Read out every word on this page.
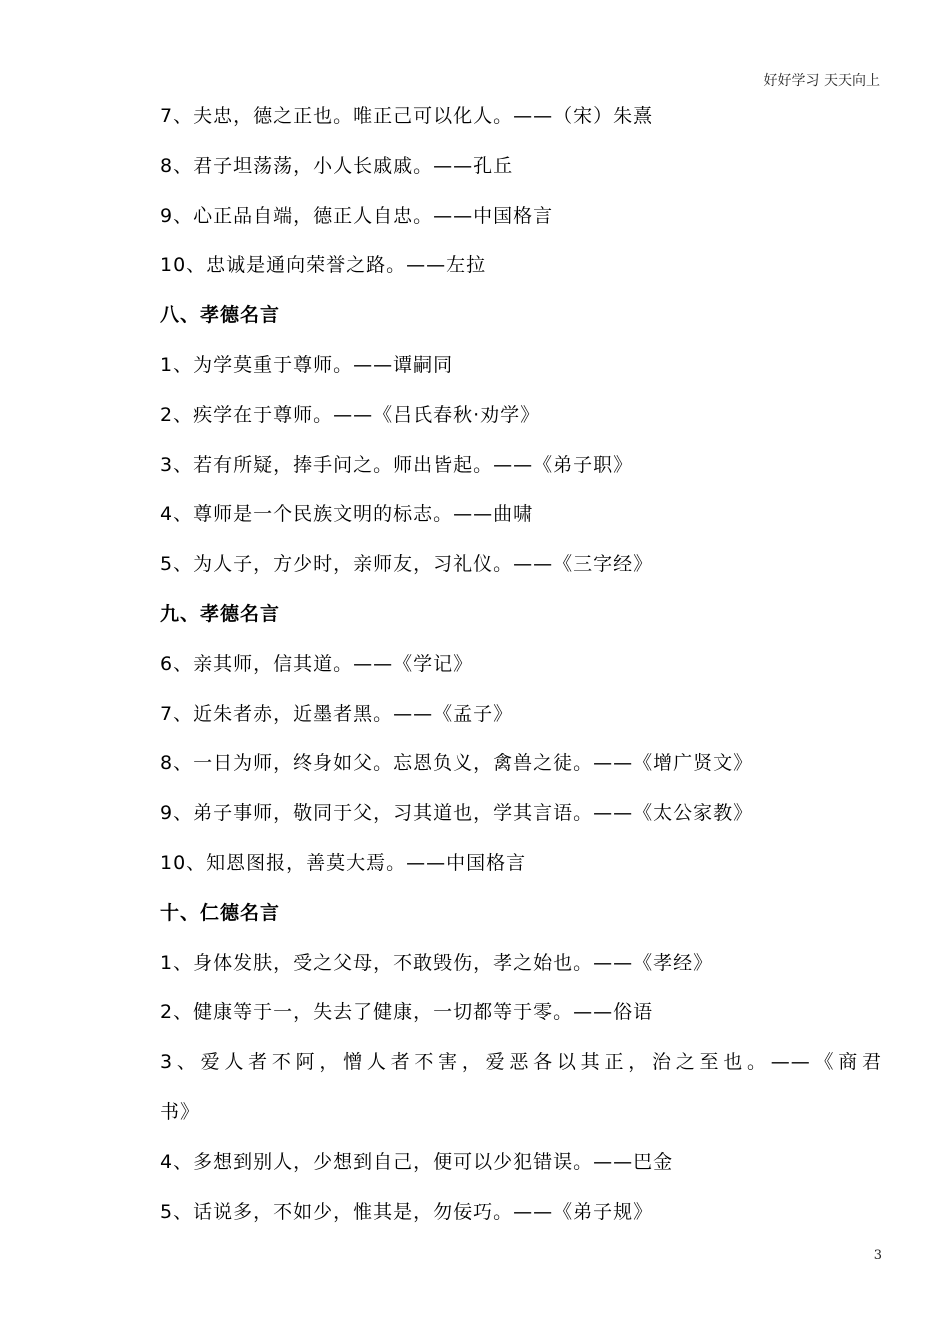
好好学习 天天向上
7、夫忠，德之正也。唯正己可以化人。——（宋）朱熹
8、君子坦荡荡，小人长戚戚。——孔丘
9、心正品自端，德正人自忠。——中国格言
10、忠诚是通向荣誉之路。——左拉
八、孝德名言
1、为学莫重于尊师。——谭嗣同
2、疾学在于尊师。——《吕氏春秋·劝学》
3、若有所疑，捧手问之。师出皆起。——《弟子职》
4、尊师是一个民族文明的标志。——曲啸
5、为人子，方少时，亲师友，习礼仪。——《三字经》
九、孝德名言
6、亲其师，信其道。——《学记》
7、近朱者赤，近墨者黑。——《孟子》
8、一日为师，终身如父。忘恩负义，禽兽之徒。——《增广贤文》
9、弟子事师，敬同于父，习其道也，学其言语。——《太公家教》
10、知恩图报，善莫大焉。——中国格言
十、仁德名言
1、身体发肤，受之父母，不敢毁伤，孝之始也。——《孝经》
2、健康等于一，失去了健康，一切都等于零。——俗语
3、爱人者不阿，憎人者不害，爱恶各以其正，治之至也。——《商君
书》
4、多想到别人，少想到自己，便可以少犯错误。——巴金
5、话说多，不如少，惟其是，勿佞巧。——《弟子规》
3
